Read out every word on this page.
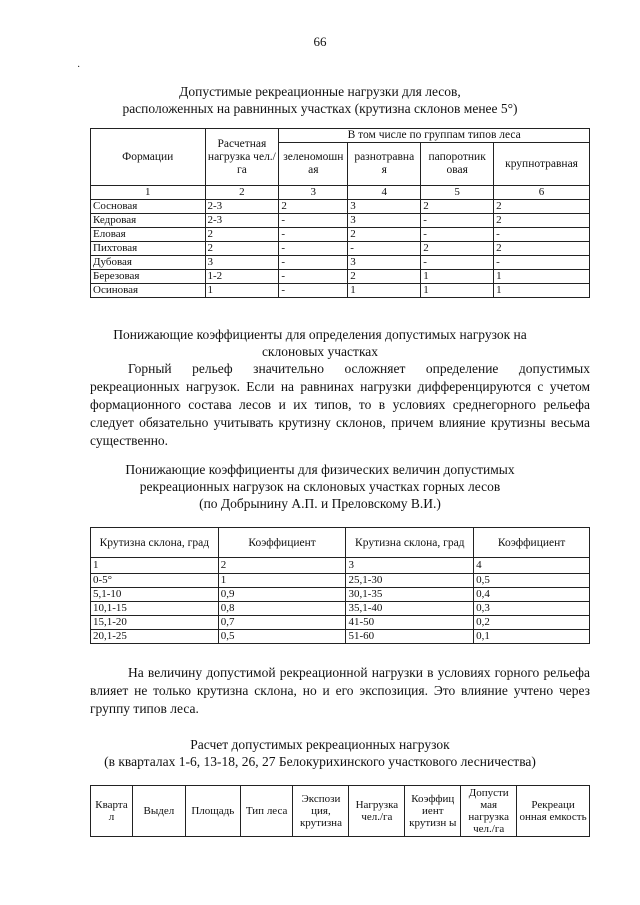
66
·
Допустимые рекреационные нагрузки для лесов,
расположенных на равнинных участках (крутизна склонов менее 5°)
Формации	Расчетная нагрузка чел./га	В том числе по группам типов леса			
		зеленомошн ая	разнотравна я	папоротник овая	крупнотравная
1	2	3	4	5	6
Сосновая	2-3	2	3	2	2
Кедровая	2-3	-	3	-	2
Еловая	2	-	2	-	-
Пихтовая	2	-	-	2	2
Дубовая	3	-	3	-	-
Березовая	1-2	-	2	1	1
Осиновая	1	-	1	1	1
Понижающие коэффициенты для определения допустимых нагрузок на
склоновых участках
Горный рельеф значительно осложняет определение допустимых рекреационных нагрузок. Если на равнинах нагрузки дифференцируются с учетом формационного состава лесов и их типов, то в условиях среднегорного рельефа следует обязательно учитывать крутизну склонов, причем влияние крутизны весьма существенно.
Понижающие коэффициенты для физических величин допустимых
рекреационных нагрузок на склоновых участках горных лесов
(по Добрынину А.П. и Преловскому В.И.)
Крутизна склона, град	Коэффициент	Крутизна склона, град	Коэффициент
1	2	3	4
0-5°	1	25,1-30	0,5
5,1-10	0,9	30,1-35	0,4
10,1-15	0,8	35,1-40	0,3
15,1-20	0,7	41-50	0,2
20,1-25	0,5	51-60	0,1
На величину допустимой рекреационной нагрузки в условиях горного рельефа влияет не только крутизна склона, но и его экспозиция. Это влияние учтено через группу типов леса.
Расчет допустимых рекреационных нагрузок
(в кварталах 1-6, 13-18, 26, 27 Белокурихинского участкового лесничества)
Кварта л	Выдел	Площадь	Тип леса	Экспози ция, крутизна	Нагрузка чел./га	Коэффиц иент крутизн ы	Допусти мая нагрузка чел./га	Рекреаци онная емкость
